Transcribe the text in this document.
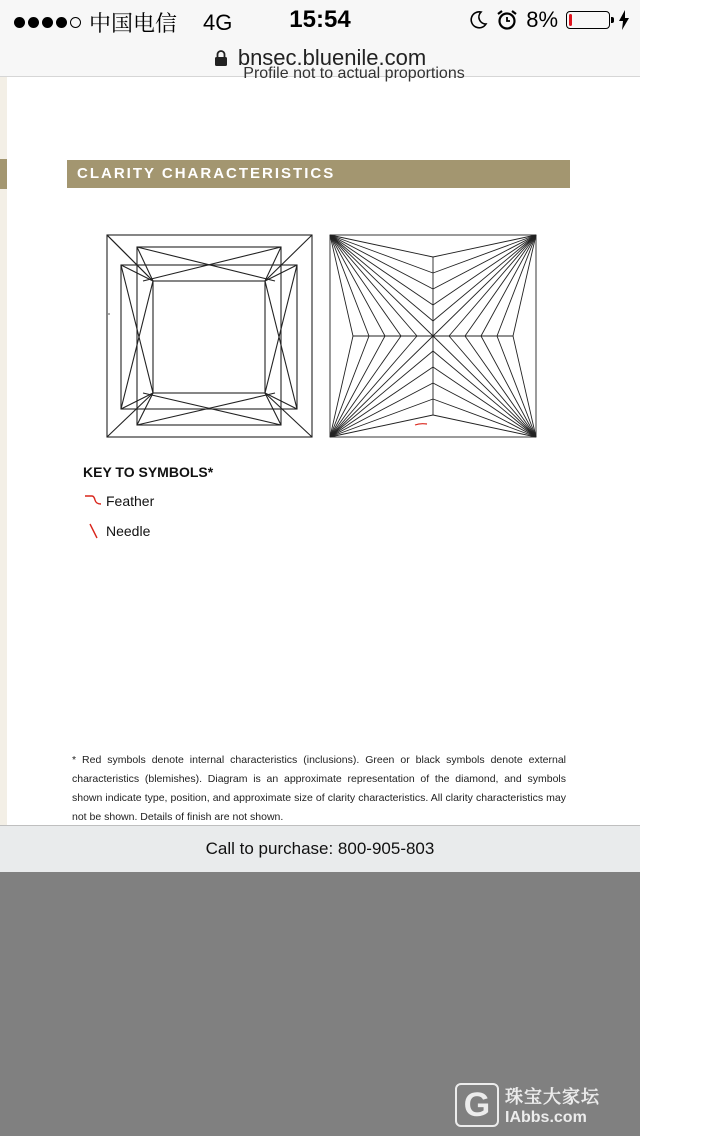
中国电信 4G	15:54	8%
bnsec.bluenile.com
Profile not to actual proportions
CLARITY CHARACTERISTICS
KEY TO SYMBOLS*
Feather
Needle
* Red symbols denote internal characteristics (inclusions). Green or black symbols denote external characteristics (blemishes). Diagram is an approximate representation of the diamond, and symbols shown indicate type, position, and approximate size of clarity characteristics. All clarity characteristics may not be shown. Details of finish are not shown.
Call to purchase: 800-905-803
G 珠宝大家坛
IAbbs.com
